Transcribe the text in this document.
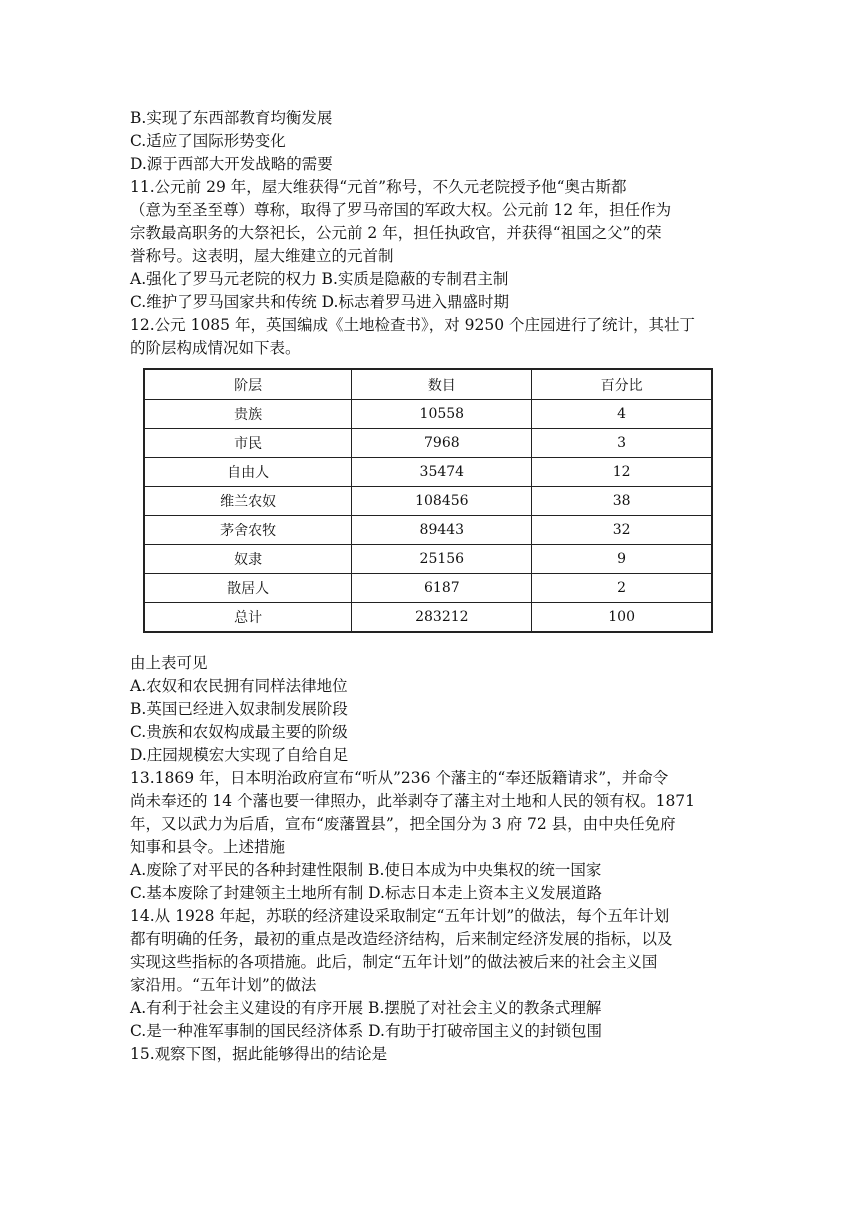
B.实现了东西部教育均衡发展
C.适应了国际形势变化
D.源于西部大开发战略的需要
11.公元前 29 年，屋大维获得“元首”称号，不久元老院授予他“奥古斯都
（意为至圣至尊）尊称，取得了罗马帝国的军政大权。公元前 12 年，担任作为
宗教最高职务的大祭祀长，公元前 2 年，担任执政官，并获得“祖国之父”的荣
誉称号。这表明，屋大维建立的元首制
A.强化了罗马元老院的权力 B.实质是隐蔽的专制君主制
C.维护了罗马国家共和传统 D.标志着罗马进入鼎盛时期
12.公元 1085 年，英国编成《土地检查书》，对 9250 个庄园进行了统计，其壮丁
的阶层构成情况如下表。
阶层	数目	百分比
贵族	10558	4
市民	7968	3
自由人	35474	12
维兰农奴	108456	38
茅舍农牧	89443	32
奴隶	25156	9
散居人	6187	2
总计	283212	100
由上表可见
A.农奴和农民拥有同样法律地位
B.英国已经进入奴隶制发展阶段
C.贵族和农奴构成最主要的阶级
D.庄园规模宏大实现了自给自足
13.1869 年，日本明治政府宣布“听从”236 个藩主的“奉还版籍请求”，并命令
尚未奉还的 14 个藩也要一律照办，此举剥夺了藩主对土地和人民的领有权。1871
年，又以武力为后盾，宣布“废藩置县”，把全国分为 3 府 72 县，由中央任免府
知事和县令。上述措施
A.废除了对平民的各种封建性限制 B.使日本成为中央集权的统一国家
C.基本废除了封建领主土地所有制 D.标志日本走上资本主义发展道路
14.从 1928 年起，苏联的经济建设采取制定“五年计划”的做法，每个五年计划
都有明确的任务，最初的重点是改造经济结构，后来制定经济发展的指标，以及
实现这些指标的各项措施。此后，制定“五年计划”的做法被后来的社会主义国
家沿用。“五年计划”的做法
A.有利于社会主义建设的有序开展 B.摆脱了对社会主义的教条式理解
C.是一种准军事制的国民经济体系 D.有助于打破帝国主义的封锁包围
15.观察下图，据此能够得出的结论是
